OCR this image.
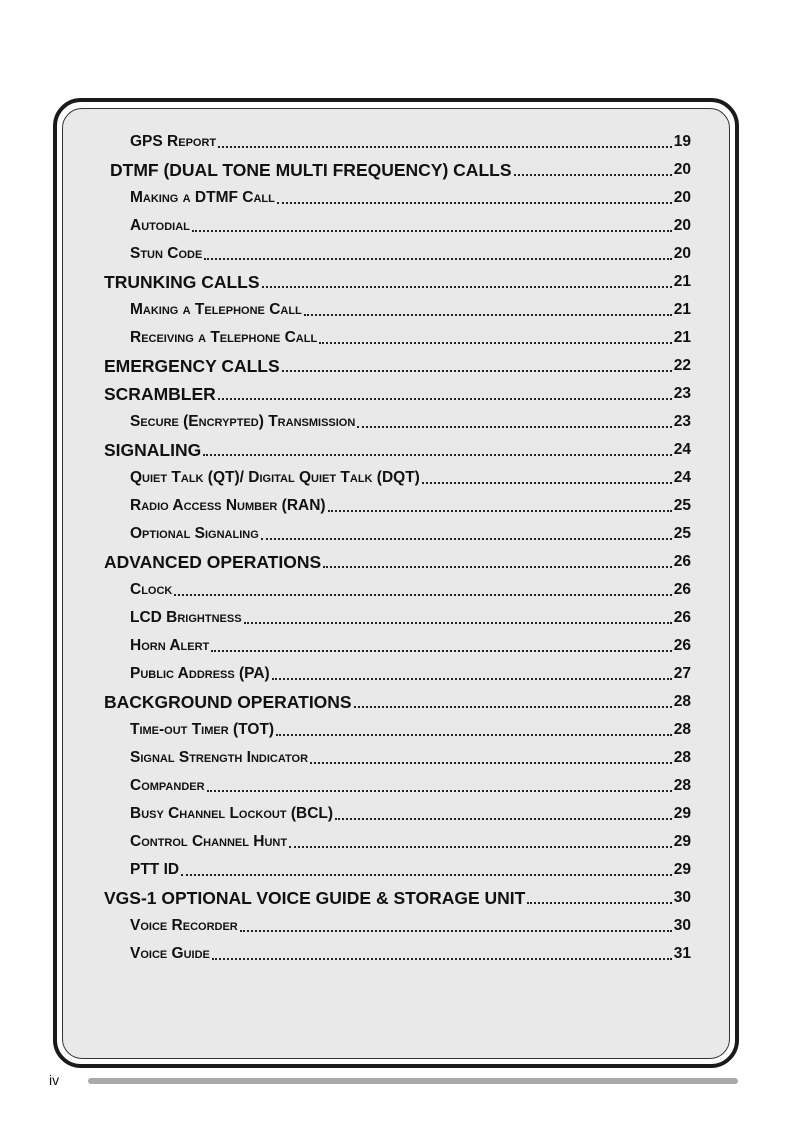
GPS Report	19
DTMF (DUAL TONE MULTI FREQUENCY) CALLS	20
Making a DTMF Call	20
Autodial	20
Stun Code	20
TRUNKING CALLS	21
Making a Telephone Call	21
Receiving a Telephone Call	21
EMERGENCY CALLS	22
SCRAMBLER	23
Secure (Encrypted) Transmission	23
SIGNALING	24
Quiet Talk (QT)/ Digital Quiet Talk (DQT)	24
Radio Access Number (RAN)	25
Optional Signaling	25
ADVANCED OPERATIONS	26
Clock	26
LCD Brightness	26
Horn Alert	26
Public Address (PA)	27
BACKGROUND OPERATIONS	28
Time-out Timer (TOT)	28
Signal Strength Indicator	28
Compander	28
Busy Channel Lockout (BCL)	29
Control Channel Hunt	29
PTT ID	29
VGS-1 OPTIONAL VOICE GUIDE & STORAGE UNIT	30
Voice Recorder	30
Voice Guide	31
iv
